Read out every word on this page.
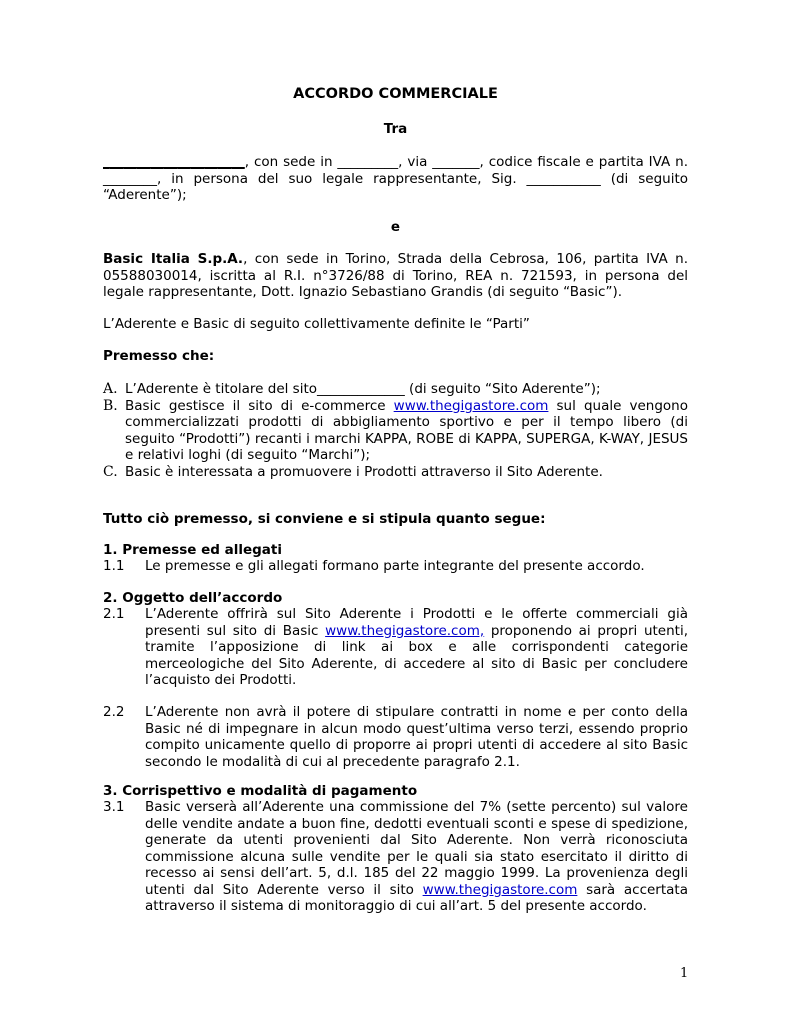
ACCORDO COMMERCIALE

Tra

_____________________, con sede in _________, via _______, codice fiscale e partita IVA n. ________, in persona del suo legale rappresentante, Sig. ___________ (di seguito “Aderente”);

e

Basic Italia S.p.A., con sede in Torino, Strada della Cebrosa, 106, partita IVA n. 05588030014, iscritta al R.I. n°3726/88 di Torino, REA n. 721593, in persona del legale rappresentante, Dott. Ignazio Sebastiano Grandis (di seguito “Basic”).

L’Aderente e Basic di seguito collettivamente definite le “Parti”

Premesso che:

A. L’Aderente è titolare del sito_____________ (di seguito “Sito Aderente”);
B. Basic gestisce il sito di e-commerce www.thegigastore.com sul quale vengono commercializzati prodotti di abbigliamento sportivo e per il tempo libero (di seguito “Prodotti”) recanti i marchi KAPPA, ROBE di KAPPA, SUPERGA, K-WAY, JESUS e relativi loghi (di seguito “Marchi”);
C. Basic è interessata a promuovere i Prodotti attraverso il Sito Aderente.

Tutto ciò premesso, si conviene e si stipula quanto segue:

1. Premesse ed allegati

1.1	Le premesse e gli allegati formano parte integrante del presente accordo.

2. Oggetto dell’accordo

2.1	L’Aderente offrirà sul Sito Aderente i Prodotti e le offerte commerciali già presenti sul sito di Basic www.thegigastore.com, proponendo ai propri utenti, tramite l’apposizione di link ai box e alle corrispondenti categorie merceologiche del Sito Aderente, di accedere al sito di Basic per concludere l’acquisto dei Prodotti.
2.2	L’Aderente non avrà il potere di stipulare contratti in nome e per conto della Basic né di impegnare in alcun modo quest’ultima verso terzi, essendo proprio compito unicamente quello di proporre ai propri utenti di accedere al sito Basic secondo le modalità di cui al precedente paragrafo 2.1.

3. Corrispettivo e modalità di pagamento

3.1	Basic verserà all’Aderente una commissione del 7% (sette percento) sul valore delle vendite andate a buon fine, dedotti eventuali sconti e spese di spedizione, generate da utenti provenienti dal Sito Aderente. Non verrà riconosciuta commissione alcuna sulle vendite per le quali sia stato esercitato il diritto di recesso ai sensi dell’art. 5, d.l. 185 del 22 maggio 1999. La provenienza degli utenti dal Sito Aderente verso il sito www.thegigastore.com sarà accertata attraverso il sistema di monitoraggio di cui all’art. 5 del presente accordo.
1
